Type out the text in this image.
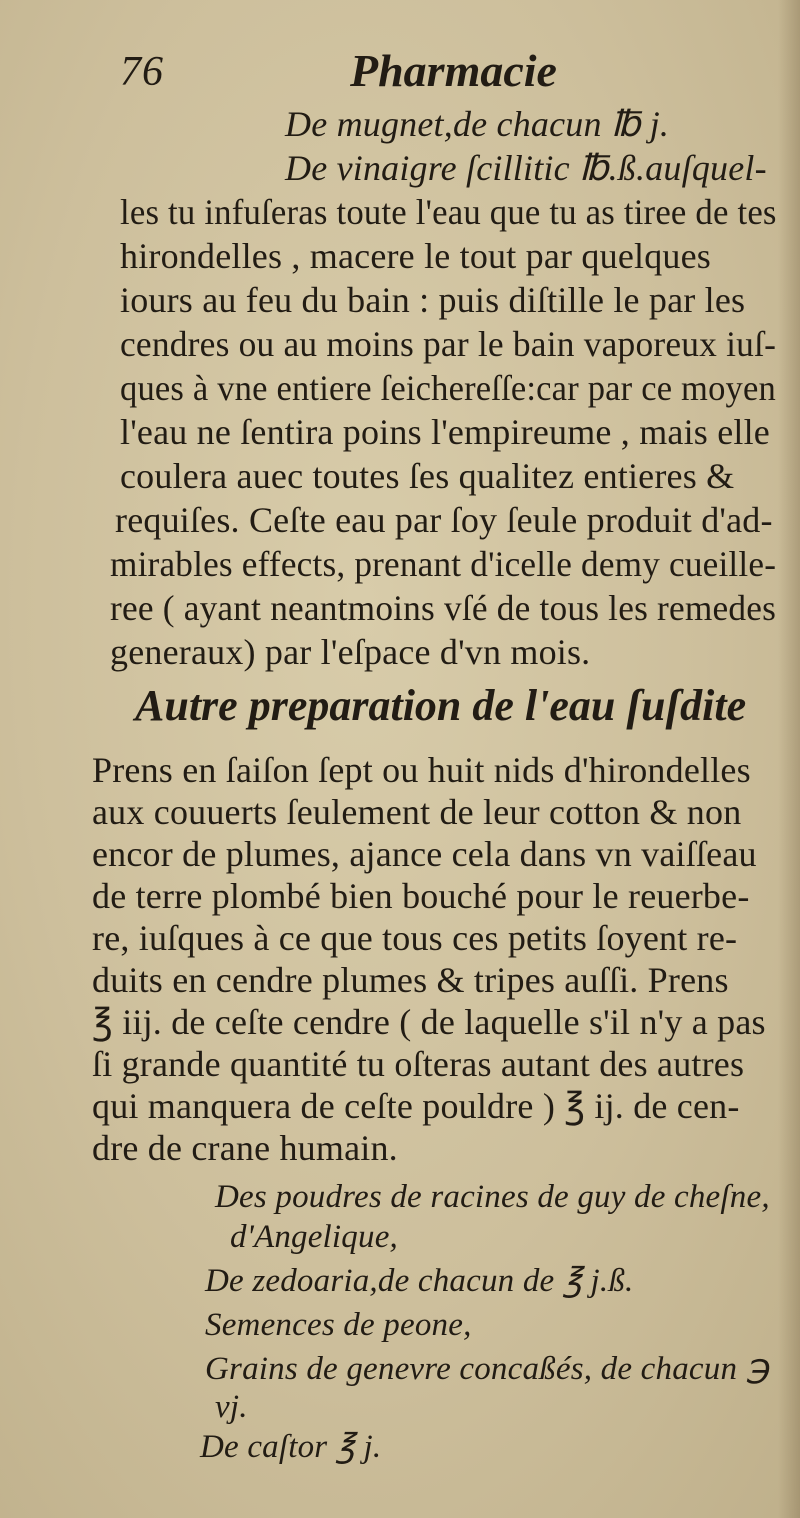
76	Pharmacie
De mugnet,de chacun ℔ j.
De vinaigre ſcillitic ℔.ß.auſquel-
les tu infuſeras toute l'eau que tu as tiree de tes
hirondelles , macere le tout par quelques
iours au feu du bain : puis diſtille le par les
cendres ou au moins par le bain vaporeux iuſ-
ques à vne entiere ſeichereſſe:car par ce moyen
l'eau ne ſentira poins l'empireume , mais elle
coulera auec toutes ſes qualitez entieres &
requiſes. Ceſte eau par ſoy ſeule produit d'ad-
mirables effects, prenant d'icelle demy cueille-
ree ( ayant neantmoins vſé de tous les remedes
generaux) par l'eſpace d'vn mois.
Autre preparation de l'eau ſuſdite
Prens en ſaiſon ſept ou huit nids d'hirondelles
aux couuerts ſeulement de leur cotton & non
encor de plumes, ajance cela dans vn vaiſſeau
de terre plombé bien bouché pour le reuerbe-
re, iuſques à ce que tous ces petits ſoyent re-
duits en cendre plumes & tripes auſſi. Prens
℥ iij. de ceſte cendre ( de laquelle s'il n'y a pas
ſi grande quantité tu oſteras autant des autres
qui manquera de ceſte pouldre ) ℥ ij. de cen-
dre de crane humain.
Des poudres de racines de guy de cheſne,
d'Angelique,
De zedoaria,de chacun de ℥ j.ß.
Semences de peone,
Grains de genevre concaßés, de chacun ℈
vj.
De caſtor ℥ j.
